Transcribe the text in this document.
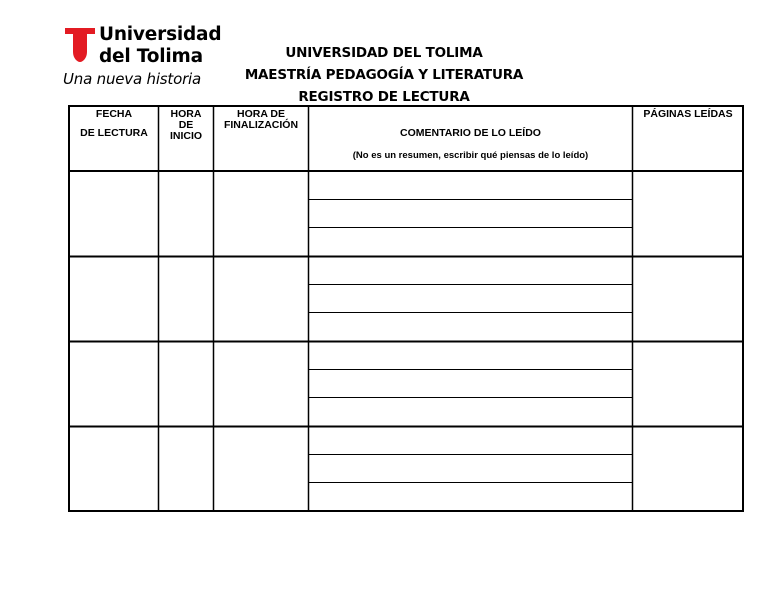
Universidad
del Tolima
Una nueva historia
UNIVERSIDAD DEL TOLIMA
MAESTRÍA PEDAGOGÍA Y LITERATURA
REGISTRO DE LECTURA
FECHA
DE LECTURA
HORA
DE
INICIO
HORA DE
FINALIZACIÓN
COMENTARIO DE LO LEÍDO
(No es un resumen, escribir qué piensas de lo leído)
PÁGINAS LEÍDAS
